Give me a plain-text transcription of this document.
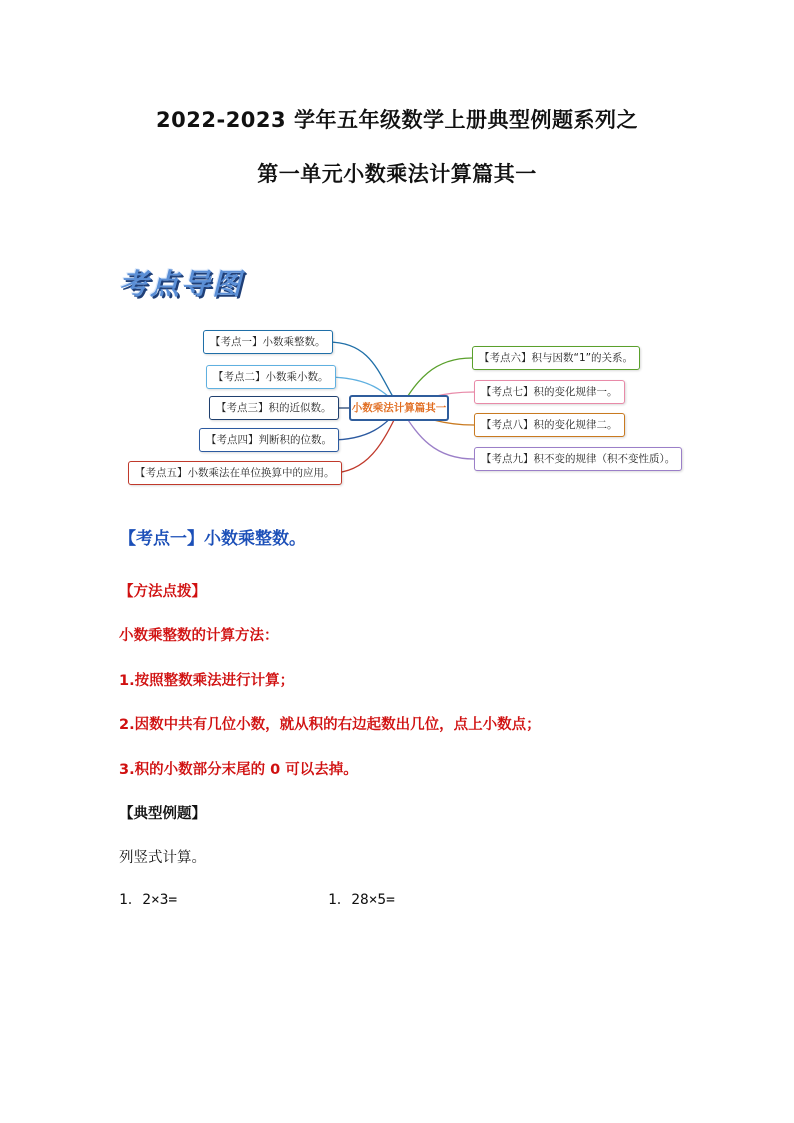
2022-2023 学年五年级数学上册典型例题系列之
第一单元小数乘法计算篇其一
考点导图
【考点一】小数乘整数。
【考点二】小数乘小数。
【考点三】积的近似数。
【考点四】判断积的位数。
【考点五】小数乘法在单位换算中的应用。
小数乘法计算篇其一
【考点六】积与因数“1”的关系。
【考点七】积的变化规律一。
【考点八】积的变化规律二。
【考点九】积不变的规律（积不变性质）。
【考点一】小数乘整数。
【方法点拨】
小数乘整数的计算方法：
1.按照整数乘法进行计算；
2.因数中共有几位小数，就从积的右边起数出几位，点上小数点；
3.积的小数部分末尾的 0 可以去掉。
【典型例题】
列竖式计算。
1．2×3=	1．28×5=
